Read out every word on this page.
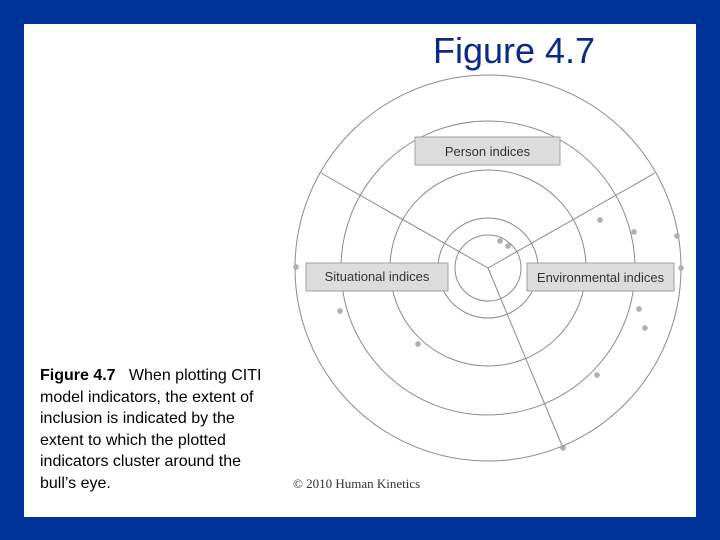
Figure 4.7
Person indices
Situational indices	Environmental indices
Figure 4.7 When plotting CITI model indicators, the extent of inclusion is indicated by the extent to which the plotted indicators cluster around the bull’s eye.	© 2010 Human Kinetics
